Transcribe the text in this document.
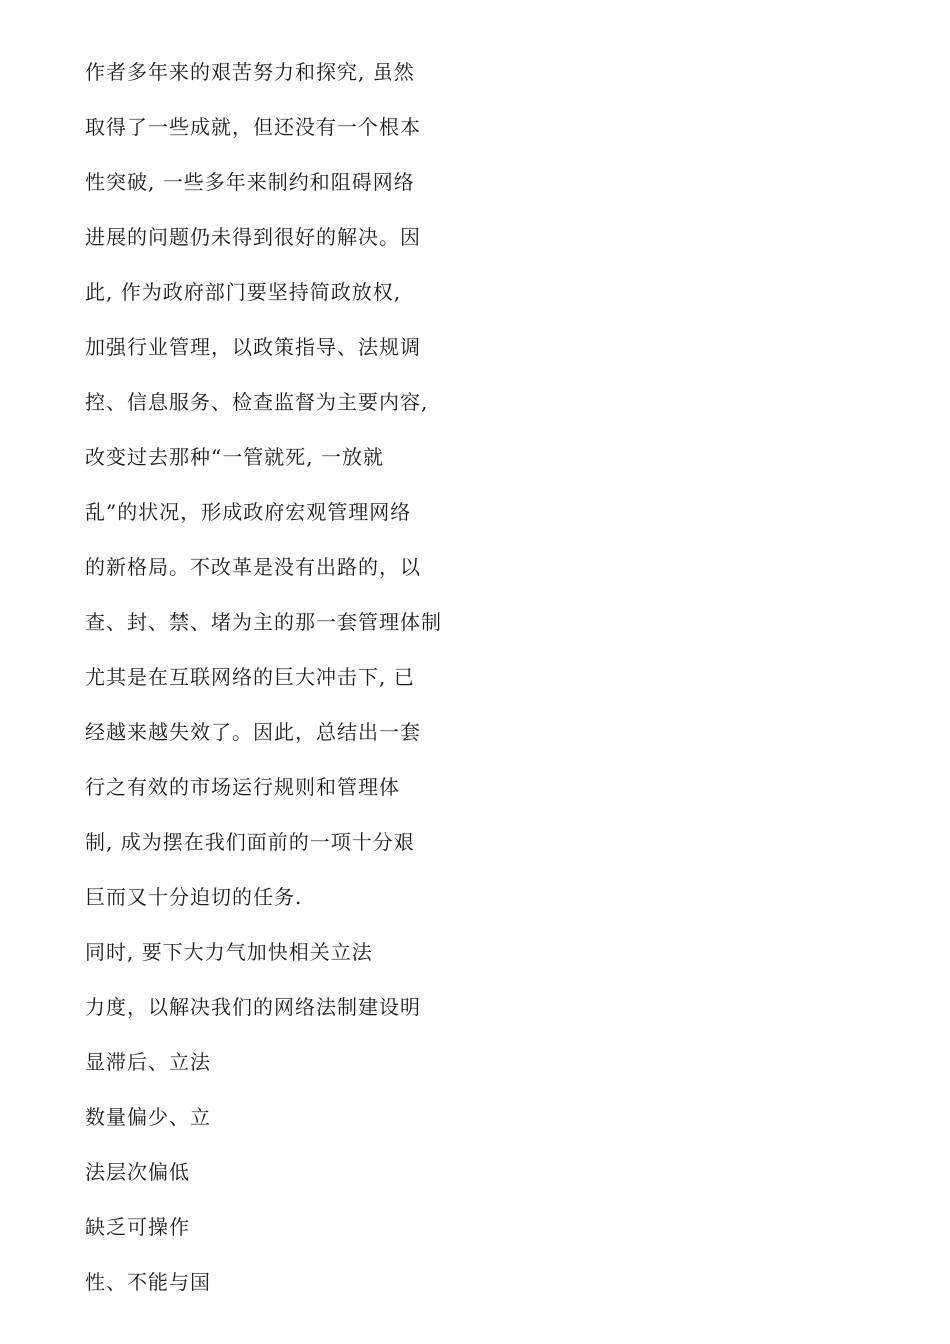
作者多年来的艰苦努力和探究, 虽然
取得了一些成就，但还没有一个根本
性突破, 一些多年来制约和阻碍网络
进展的问题仍未得到很好的解决。因
此, 作为政府部门要坚持简政放权,
加强行业管理，以政策指导、法规调
控、信息服务、检查监督为主要内容,
改变过去那种“一管就死, 一放就
乱”的状况，形成政府宏观管理网络
的新格局。不改革是没有出路的，以
查、封、禁、堵为主的那一套管理体制
尤其是在互联网络的巨大冲击下, 已
经越来越失效了。因此，总结出一套
行之有效的市场运行规则和管理体
制, 成为摆在我们面前的一项十分艰
巨而又十分迫切的任务.
同时, 要下大力气加快相关立法
力度，以解决我们的网络法制建设明
显滞后、立法
数量偏少、立
法层次偏低
缺乏可操作
性、不能与国
